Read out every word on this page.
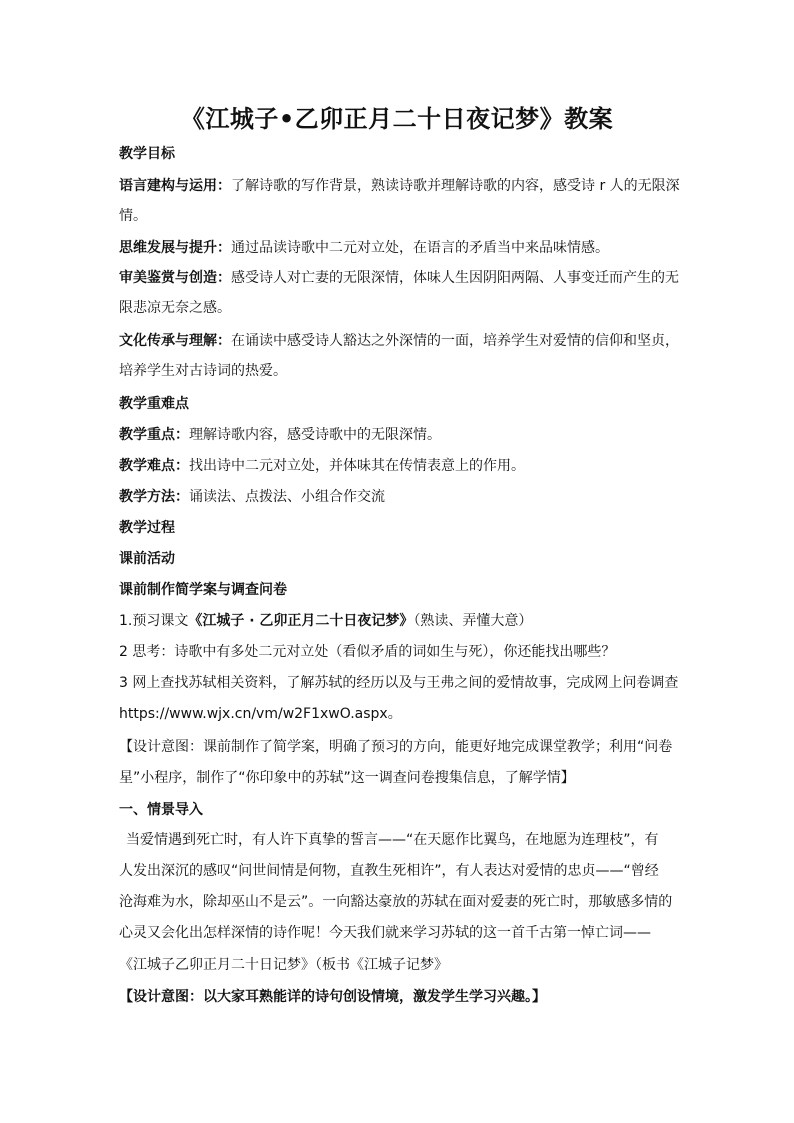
《江城子•乙卯正月二十日夜记梦》教案
教学目标
语言建构与运用：了解诗歌的写作背景，熟读诗歌并理解诗歌的内容，感受诗 r 人的无限深
情。
思维发展与提升：通过品读诗歌中二元对立处，在语言的矛盾当中来品味情感。
审美鉴赏与创造：感受诗人对亡妻的无限深情，体味人生因阴阳两隔、人事变迁而产生的无
限悲凉无奈之感。
文化传承与理解：在诵读中感受诗人豁达之外深情的一面，培养学生对爱情的信仰和坚贞，
培养学生对古诗词的热爱。
教学重难点
教学重点：理解诗歌内容，感受诗歌中的无限深情。
教学难点：找出诗中二元对立处，并体味其在传情表意上的作用。
教学方法：诵读法、点拨法、小组合作交流
教学过程
课前活动
课前制作简学案与调查问卷
1.预习课文《江城子 · 乙卯正月二十日夜记梦》（熟读、弄懂大意）
2 思考：诗歌中有多处二元对立处（看似矛盾的词如生与死），你还能找出哪些？
3 网上查找苏轼相关资料，了解苏轼的经历以及与王弗之间的爱情故事，完成网上问卷调查
https://www.wjx.cn/vm/w2F1xwO.aspx。
【设计意图：课前制作了简学案，明确了预习的方向，能更好地完成课堂教学；利用“问卷
星”小程序，制作了“你印象中的苏轼”这一调查问卷搜集信息，了解学情】
一、情景导入
当爱情遇到死亡时，有人许下真挚的誓言——“在天愿作比翼鸟，在地愿为连理枝”，有
人发出深沉的感叹“问世间情是何物，直教生死相许”，有人表达对爱情的忠贞——“曾经
沧海难为水，除却巫山不是云”。一向豁达豪放的苏轼在面对爱妻的死亡时，那敏感多情的
心灵又会化出怎样深情的诗作呢！今天我们就来学习苏轼的这一首千古第一悼亡词——
《江城子乙卯正月二十日记梦》（板书《江城子记梦》
【设计意图：以大家耳熟能详的诗句创设情境，激发学生学习兴趣。】
